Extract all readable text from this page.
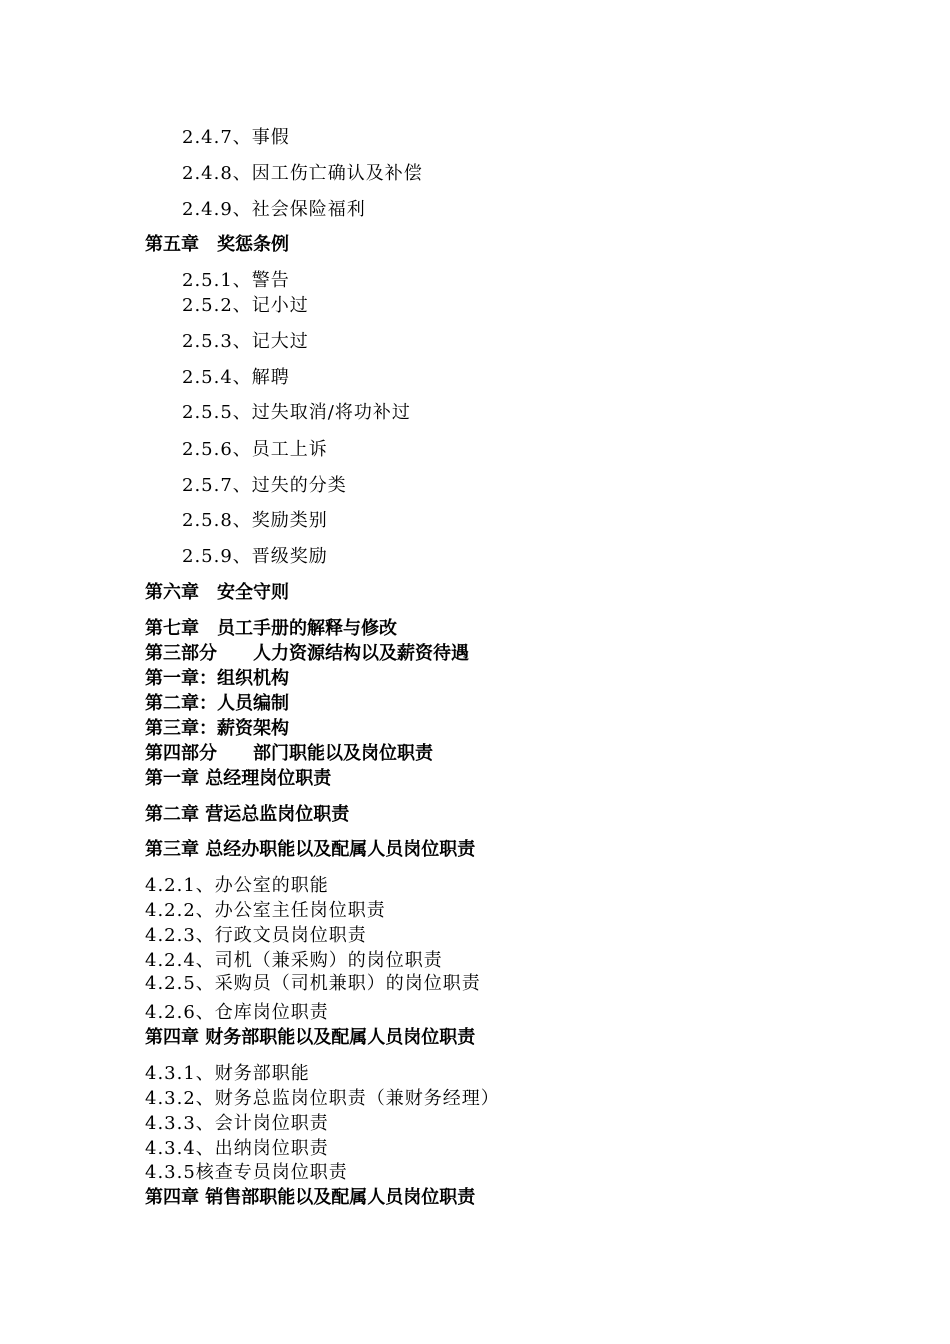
2.4.7、事假
2.4.8、因工伤亡确认及补偿
2.4.9、社会保险福利
第五章　奖惩条例
2.5.1、警告
2.5.2、记小过
2.5.3、记大过
2.5.4、解聘
2.5.5、过失取消/将功补过
2.5.6、员工上诉
2.5.7、过失的分类
2.5.8、奖励类别
2.5.9、晋级奖励
第六章　安全守则
第七章　员工手册的解释与修改
第三部分　　人力资源结构以及薪资待遇
第一章：组织机构
第二章：人员编制
第三章：薪资架构
第四部分　　部门职能以及岗位职责
第一章 总经理岗位职责
第二章 营运总监岗位职责
第三章 总经办职能以及配属人员岗位职责
4.2.1、办公室的职能
4.2.2、办公室主任岗位职责
4.2.3、行政文员岗位职责
4.2.4、司机（兼采购）的岗位职责
4.2.5、采购员（司机兼职）的岗位职责
4.2.6、仓库岗位职责
第四章 财务部职能以及配属人员岗位职责
4.3.1、财务部职能
4.3.2、财务总监岗位职责（兼财务经理）
4.3.3、会计岗位职责
4.3.4、出纳岗位职责
4.3.5核查专员岗位职责
第四章 销售部职能以及配属人员岗位职责
